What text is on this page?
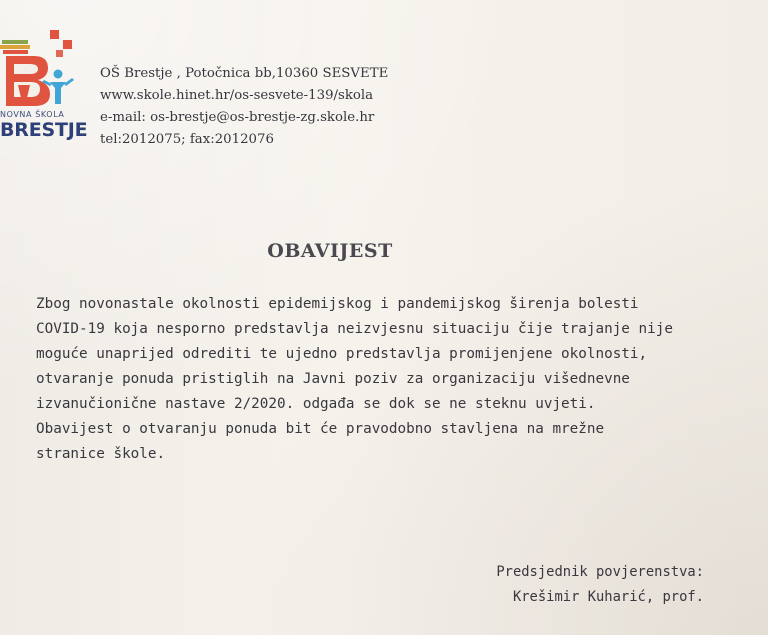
NOVNA ŠKOLA
BRESTJE
OŠ Brestje , Potočnica bb,10360 SESVETE
www.skole.hinet.hr/os-sesvete-139/skola
e-mail: os-brestje@os-brestje-zg.skole.hr
tel:2012075; fax:2012076
OBAVIJEST
Zbog novonastale okolnosti epidemijskog i pandemijskog širenja bolesti
COVID-19 koja nesporno predstavlja neizvjesnu situaciju čije trajanje nije
moguće unaprijed odrediti te ujedno predstavlja promijenjene okolnosti,
otvaranje ponuda pristiglih na Javni poziv za organizaciju višednevne
izvanučionične nastave 2/2020. odgađa se dok se ne steknu uvjeti.
Obavijest o otvaranju ponuda bit će pravodobno stavljena na mrežne
stranice škole.
Predsjednik povjerenstva:
Krešimir Kuharić, prof.
